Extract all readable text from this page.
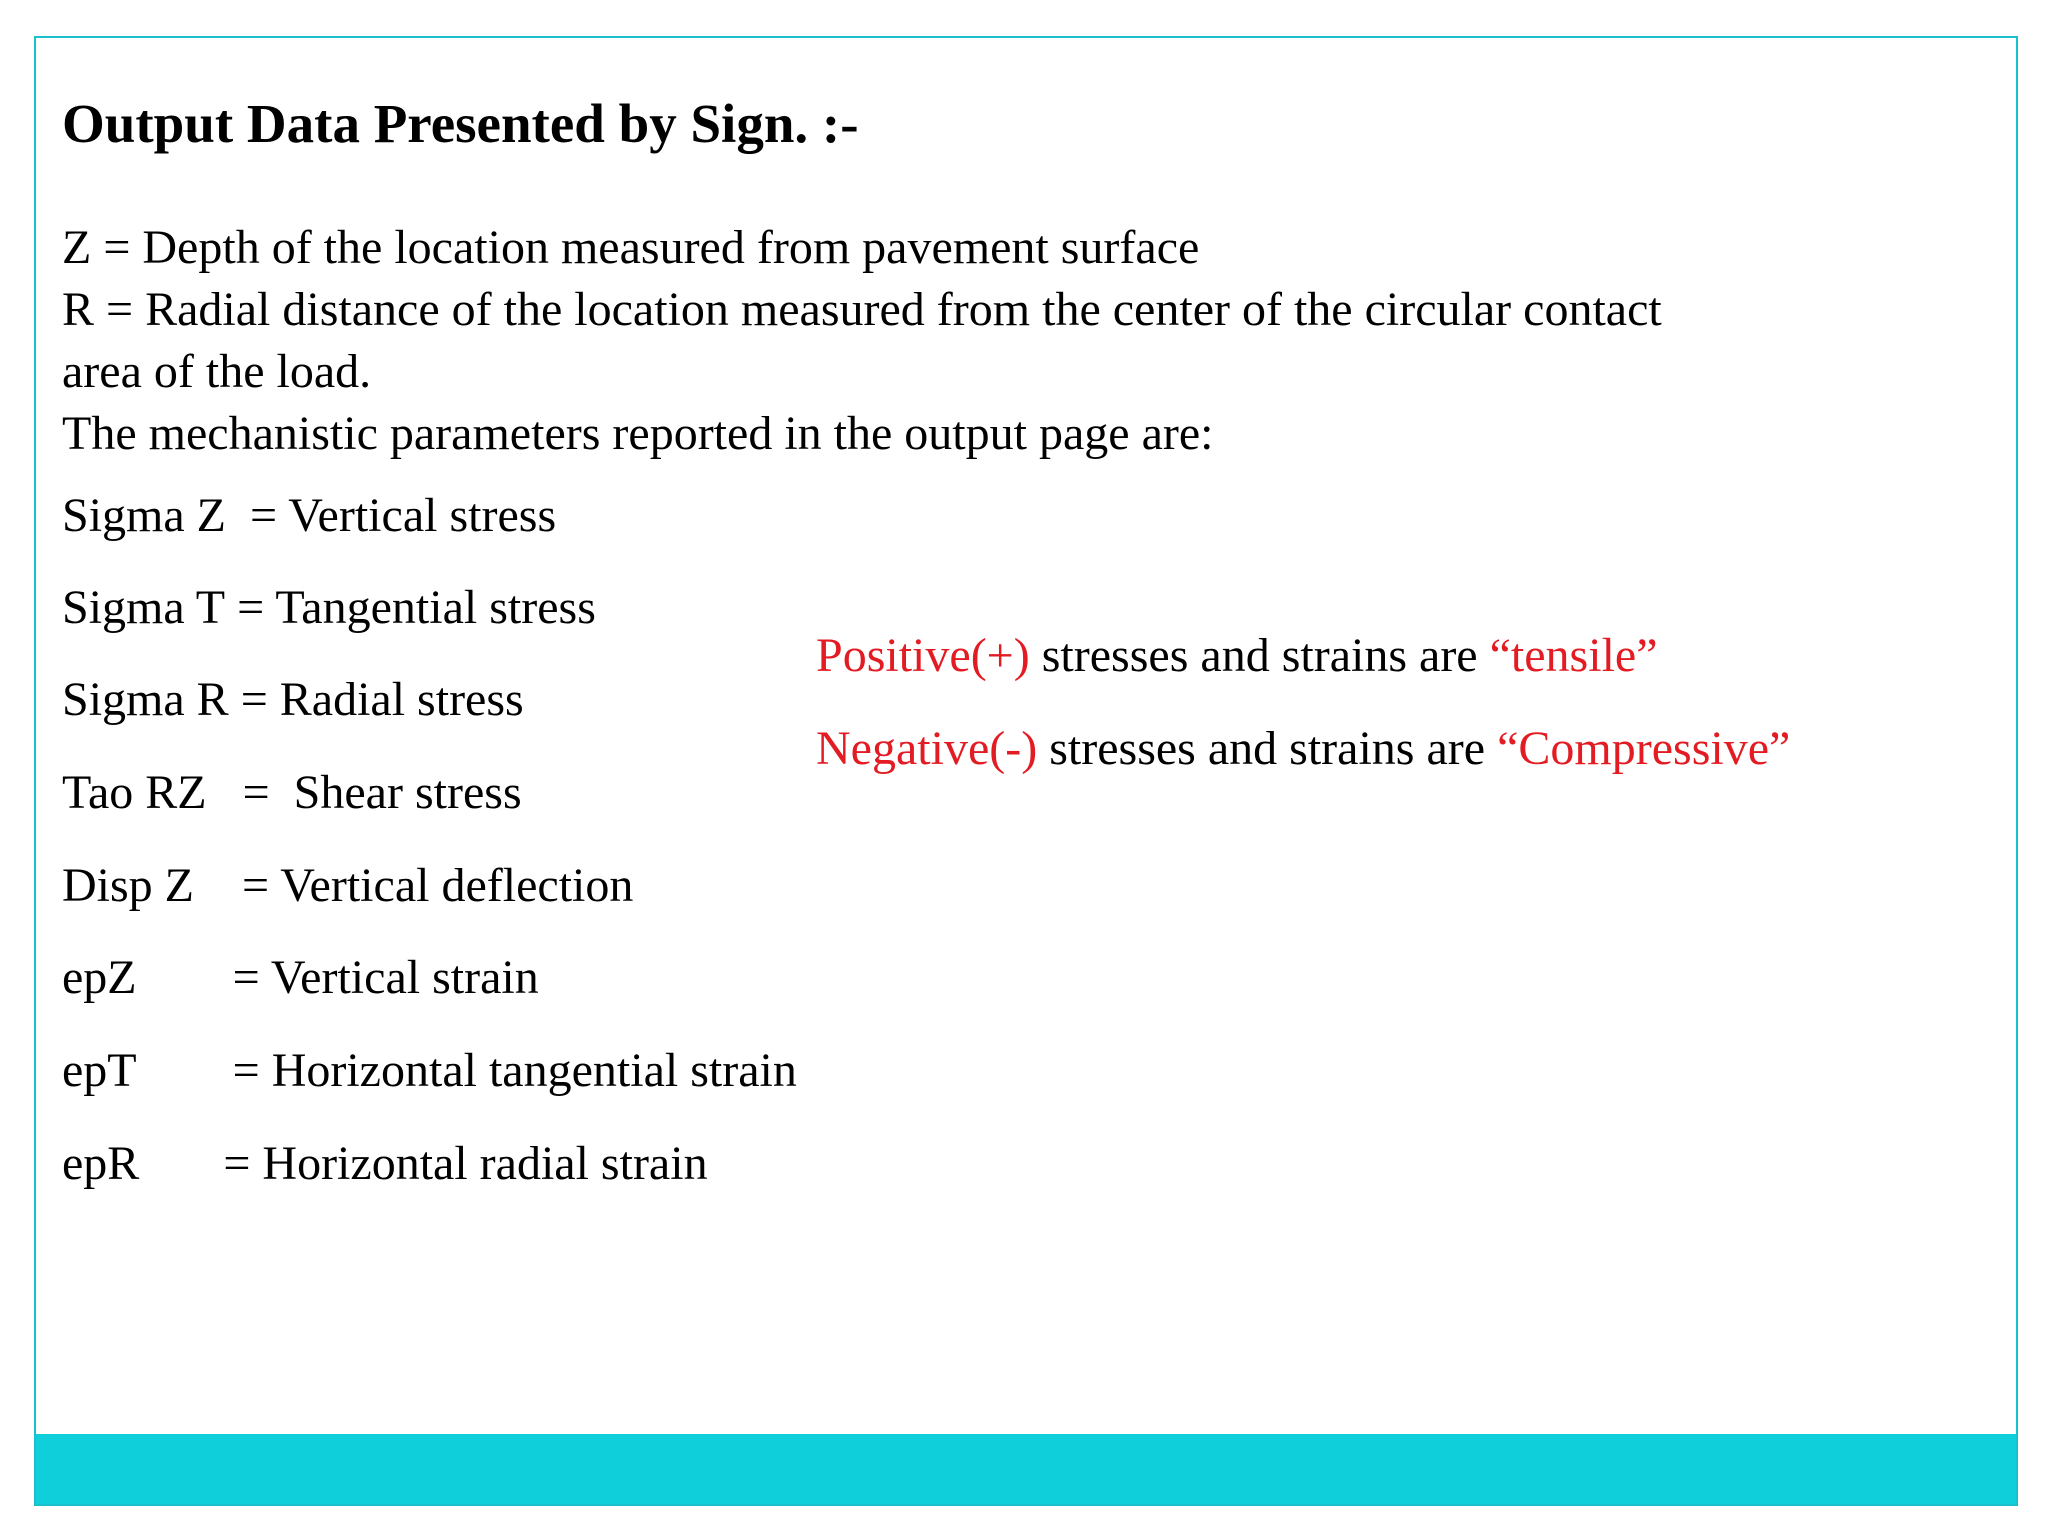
Output Data Presented by Sign. :-
Z = Depth of the location measured from pavement surface
R = Radial distance of the location measured from the center of the circular contact
area of the load.
The mechanistic parameters reported in the output page are:
Sigma Z  = Vertical stress
Sigma T = Tangential stress
Sigma R = Radial stress
Tao RZ   =  Shear stress
Disp Z    = Vertical deflection
epZ        = Vertical strain
epT        = Horizontal tangential strain
epR       = Horizontal radial strain
Positive(+) stresses and strains are “tensile”
Negative(-) stresses and strains are “Compressive”
